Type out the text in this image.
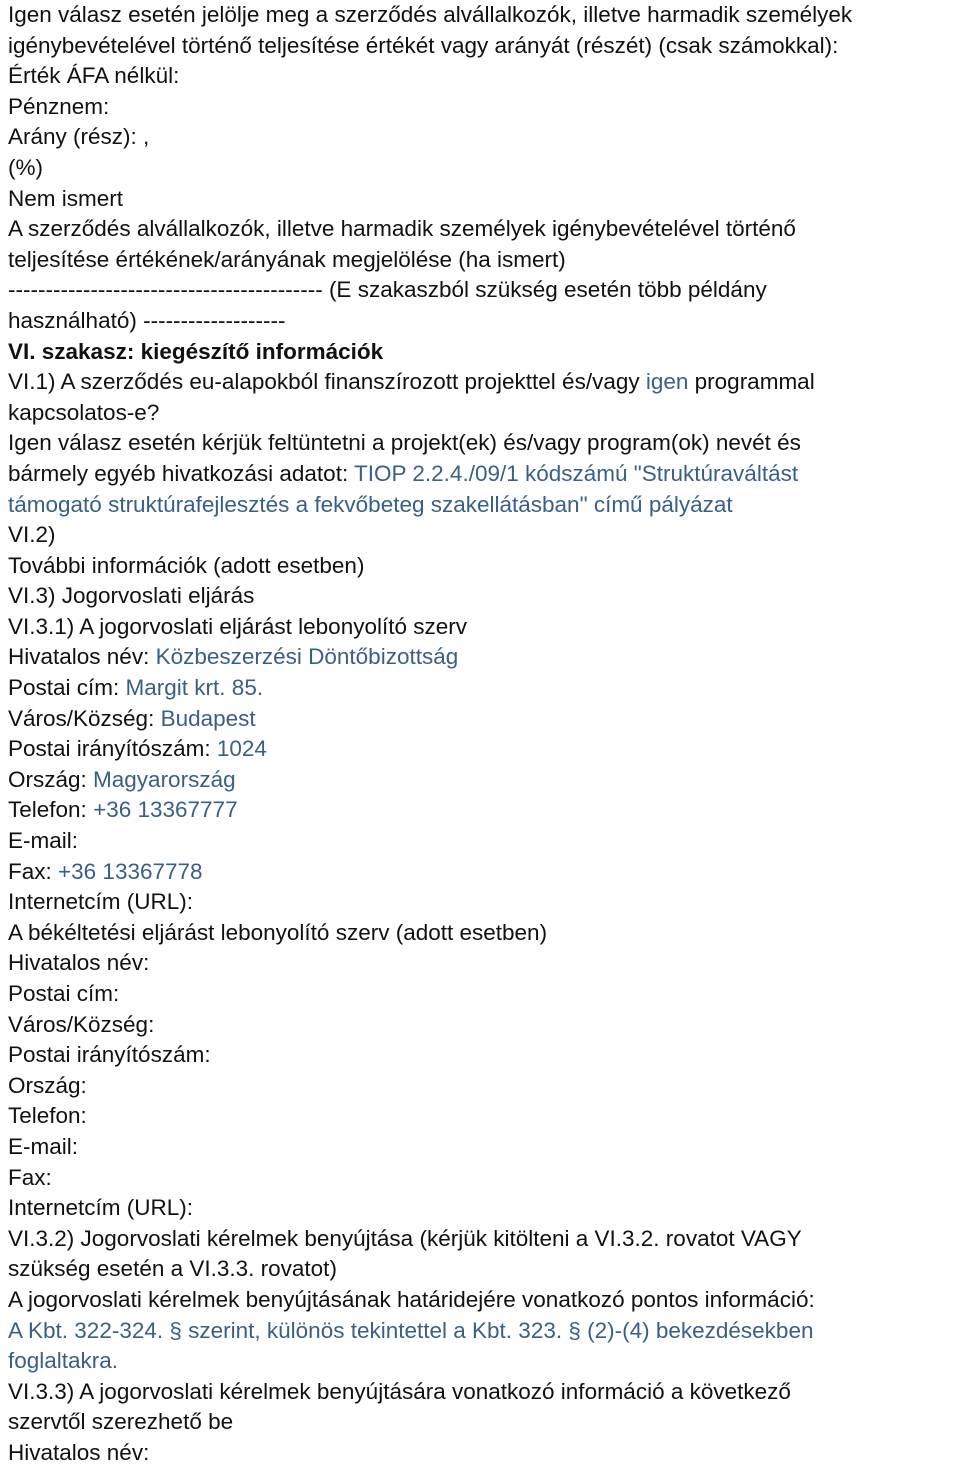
Igen válasz esetén jelölje meg a szerződés alvállalkozók, illetve harmadik személyek

igénybevételével történő teljesítése értékét vagy arányát (részét) (csak számokkal):

Érték ÁFA nélkül:

Pénznem:

Arány (rész): ,

(%)

Nem ismert

A szerződés alvállalkozók, illetve harmadik személyek igénybevételével történő

teljesítése értékének/arányának megjelölése (ha ismert)

------------------------------------------ (E szakaszból szükség esetén több példány

használható) -------------------

VI. szakasz: kiegészítő információk

VI.1) A szerződés eu-alapokból finanszírozott projekttel és/vagy igen programmal

kapcsolatos-e?

Igen válasz esetén kérjük feltüntetni a projekt(ek) és/vagy program(ok) nevét és

bármely egyéb hivatkozási adatot: TIOP 2.2.4./09/1 kódszámú "Struktúraváltást

támogató struktúrafejlesztés a fekvőbeteg szakellátásban" című pályázat

VI.2)

További információk (adott esetben)

VI.3) Jogorvoslati eljárás

VI.3.1) A jogorvoslati eljárást lebonyolító szerv

Hivatalos név: Közbeszerzési Döntőbizottság

Postai cím: Margit krt. 85.

Város/Község: Budapest

Postai irányítószám: 1024

Ország: Magyarország

Telefon: +36 13367777

E-mail:

Fax: +36 13367778

Internetcím (URL):

A békéltetési eljárást lebonyolító szerv (adott esetben)

Hivatalos név:

Postai cím:

Város/Község:

Postai irányítószám:

Ország:

Telefon:

E-mail:

Fax:

Internetcím (URL):

VI.3.2) Jogorvoslati kérelmek benyújtása (kérjük kitölteni a VI.3.2. rovatot VAGY

szükség esetén a VI.3.3. rovatot)

A jogorvoslati kérelmek benyújtásának határidejére vonatkozó pontos információ:

A Kbt. 322-324. § szerint, különös tekintettel a Kbt. 323. § (2)-(4) bekezdésekben

foglaltakra.

VI.3.3) A jogorvoslati kérelmek benyújtására vonatkozó információ a következő

szervtől szerezhető be

Hivatalos név:
